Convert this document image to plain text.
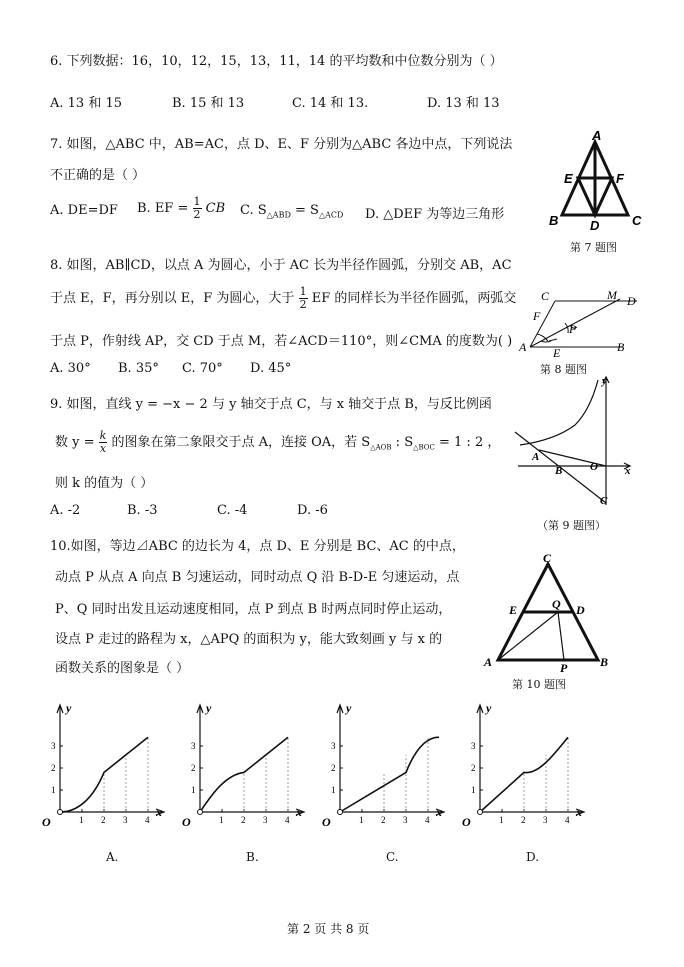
6. 下列数据：16，10，12，15，13，11，14 的平均数和中位数分别为（ ）
A. 13 和 15	B. 15 和 13	C. 14 和 13.	D. 13 和 13
7. 如图，△ABC 中，AB=AC，点 D、E、F 分别为△ABC 各边中点，下列说法
不正确的是（ ）
A. DE=DF B. EF = $\frac{1}{2}$ CB C. $S_{\triangle ABD} = S_{\triangle ACD}$ D. △DEF 为等边三角形
A
E	F
B D	C
第 7 题图
8. 如图，AB∥CD，以点 A 为圆心，小于 AC 长为半径作圆弧，分别交 AB，AC
于点 E，F，再分别以 E，F 为圆心，大于 $\frac{1}{2}$ EF 的同样长为半径作圆弧，两弧交
于点 P，作射线 AP，交 CD 于点 M，若∠ACD＝110°，则∠CMA 的度数为( )
A. 30° B. 35° C. 70° D. 45°
C	M D
F
P
A E	B
第 8 题图
9. 如图，直线 y = −x − 2 与 y 轴交于点 C，与 x 轴交于点 B，与反比例函
数 $y = \frac{k}{x}$ 的图象在第二象限交于点 A，连接 OA，若 $S_{\triangle AOB}$ : $S_{\triangle BOC} = 1$ : 2 ，
则 k 的值为（ ）
A. -2	B. -3	C. -4	D. -6
y
x
A
B	O
C
（第 9 题图）
10.如图，等边⊿ABC 的边长为 4，点 D、E 分别是 BC、AC 的中点，
动点 P 从点 A 向点 B 匀速运动，同时动点 Q 沿 B-D-E 匀速运动，点
P、Q 同时出发且运动速度相同，点 P 到点 B 时两点同时停止运动，
设点 P 走过的路程为 x，△APQ 的面积为 y，能大致刻画 y 与 x 的
函数关系的图象是（ ）
C
E	Q D
A	P	B
第 10 题图
1 2 3 4
1
2
3
y
x
O
A.
1 2 3 4
1
2
3
y
x
O
B.
1 2 3 4
1
2
3
y
x
O
C.
1 2 3 4
1
2
3
y
x
O
D.
第 2 页 共 8 页
